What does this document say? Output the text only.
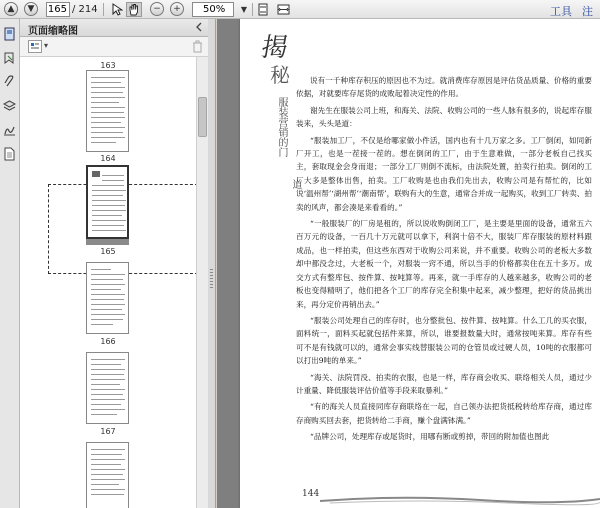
▲	▼	165 / 214	−	+	50%	▼	工具 注
页面缩略图
▾
163
164
165
166
167
揭
秘
服装营销的门
道

说有一千种库存积压的原因也不为过。就消费库存原因是评估货品质量、价格的重要依据，对就要库存尾货的成败起着决定性的作用。

谢先生在服装公司上班，和海关、法院、收购公司的一些人脉有很多的，说起库存服装来，头头是道：

“服装加工厂，不仅是给哪家做小件活，国内也有十几万家之多。工厂倒闭，如同新厂开工，也是一茬接一茬的。想在倒闭的工厂，由于生意难做，一部分老板自己找买主，套取现金会身而退；一部分工厂则倒不流标，由法院处置，拍卖行拍卖。倒闭的工厂大多是整体出售，拍卖。工厂收购是也由我们先出去，收购公司是有帮忙的，比如说‘温州帮’‘湖州帮’‘潮南帮’，联购有大的生意，通常合并成一起购买，收到工厂转卖、拍卖的风声，都会凑是来看看的。”

“一般服装厂的厂房是租的，所以说收购倒闭工厂，是主要是里面的设备，通常五六百万元的设备，一百几十万元就可以拿下，利润十倍不大，服装厂库存服装的原材料跟成品，也一样拍卖，但这些东西对于收购公司来说，并不重要。收购公司的老板大多数却中都没念过，大老板一个，对服装一窍不通，所以当手的价格都卖住在五十多万。成交方式有整库包、按件算、按吨算等。再来，就一手库存的人越来越多，收购公司的老板也变得精明了，他们把各个工厂的库存完全积集中起来，减少整理，把好的货品挑出来，再分定价再销出去。”

“服装公司处理自己的库存时，也分整批包、按件算、按吨算。什么工几的买衣服，面料统一，面料买起就包括件来算，所以，谁要报数量大时，通常按吨来算。库存有些可不是有钱就可以的，通常会事实线替服装公司的仓管员或过硬人员，10吨的衣服都可以打出9吨的单来。”

“海关、法院罚没、拍卖的衣服，也是一样，库存商会收买、联络相关人员，通过少计重量、降低服装评估价值等手段来取暴利。”

“有的海关人员直接同库存商联络在一起，自己领办法把货抵税转给库存商，通过库存商购买回去套，把货转给二手商，赚个盘满钵满。”

“品牌公司，处理库存或尾货时，用哪有断或剪掉，带回的附加值也图此

144
